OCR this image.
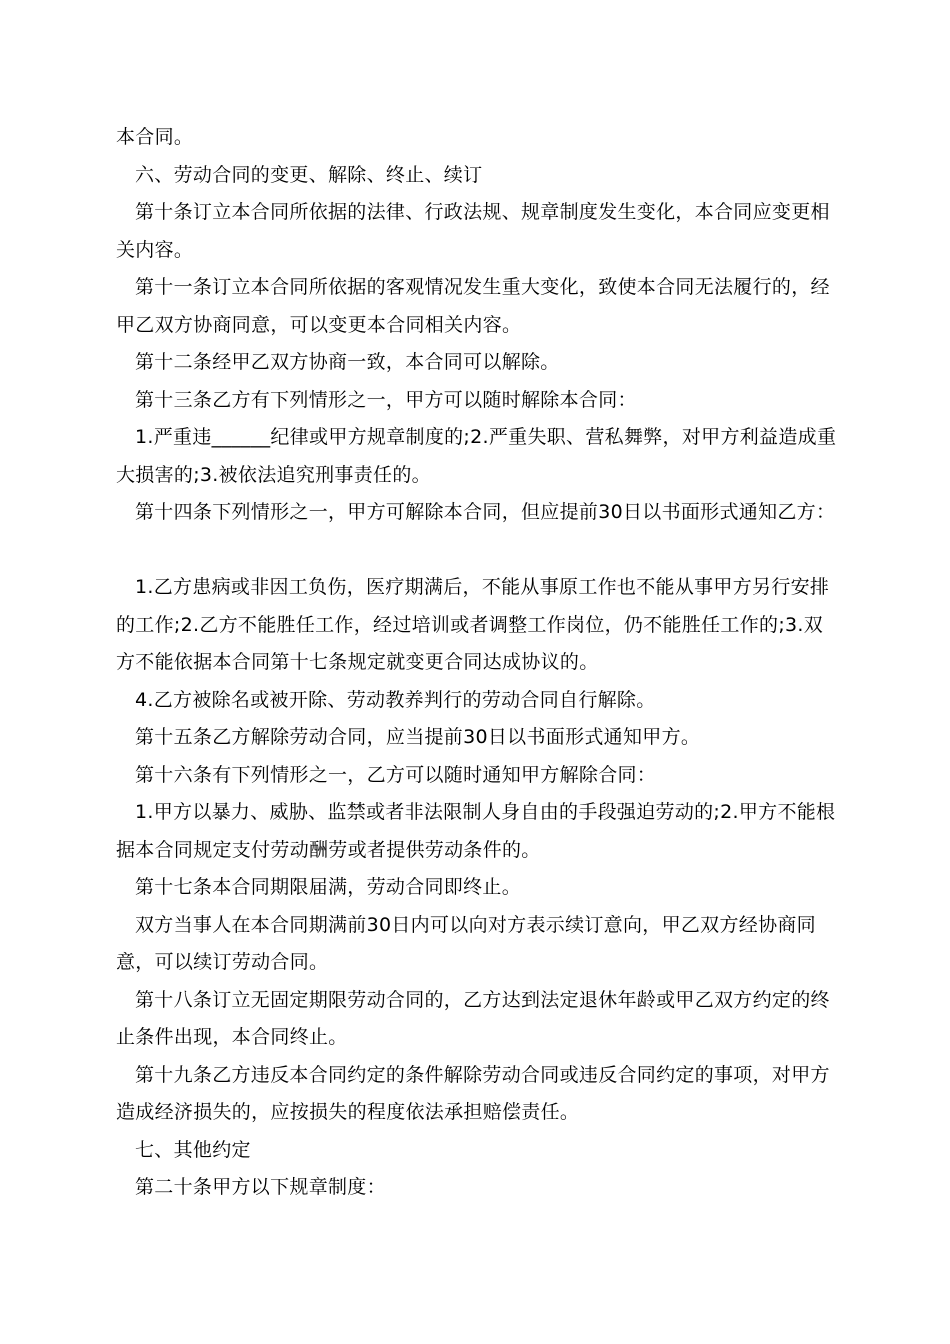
本合同。

六、劳动合同的变更、解除、终止、续订

第十条订立本合同所依据的法律、行政法规、规章制度发生变化，本合同应变更相关内容。

第十一条订立本合同所依据的客观情况发生重大变化，致使本合同无法履行的，经甲乙双方协商同意，可以变更本合同相关内容。

第十二条经甲乙双方协商一致，本合同可以解除。

第十三条乙方有下列情形之一，甲方可以随时解除本合同：

1.严重违______纪律或甲方规章制度的;2.严重失职、营私舞弊，对甲方利益造成重大损害的;3.被依法追究刑事责任的。

第十四条下列情形之一，甲方可解除本合同，但应提前30日以书面形式通知乙方：

1.乙方患病或非因工负伤，医疗期满后，不能从事原工作也不能从事甲方另行安排的工作;2.乙方不能胜任工作，经过培训或者调整工作岗位，仍不能胜任工作的;3.双方不能依据本合同第十七条规定就变更合同达成协议的。

4.乙方被除名或被开除、劳动教养判行的劳动合同自行解除。

第十五条乙方解除劳动合同，应当提前30日以书面形式通知甲方。

第十六条有下列情形之一，乙方可以随时通知甲方解除合同：

1.甲方以暴力、威胁、监禁或者非法限制人身自由的手段强迫劳动的;2.甲方不能根据本合同规定支付劳动酬劳或者提供劳动条件的。

第十七条本合同期限届满，劳动合同即终止。

双方当事人在本合同期满前30日内可以向对方表示续订意向，甲乙双方经协商同意，可以续订劳动合同。

第十八条订立无固定期限劳动合同的，乙方达到法定退休年龄或甲乙双方约定的终止条件出现，本合同终止。

第十九条乙方违反本合同约定的条件解除劳动合同或违反合同约定的事项，对甲方造成经济损失的，应按损失的程度依法承担赔偿责任。

七、其他约定

第二十条甲方以下规章制度：
